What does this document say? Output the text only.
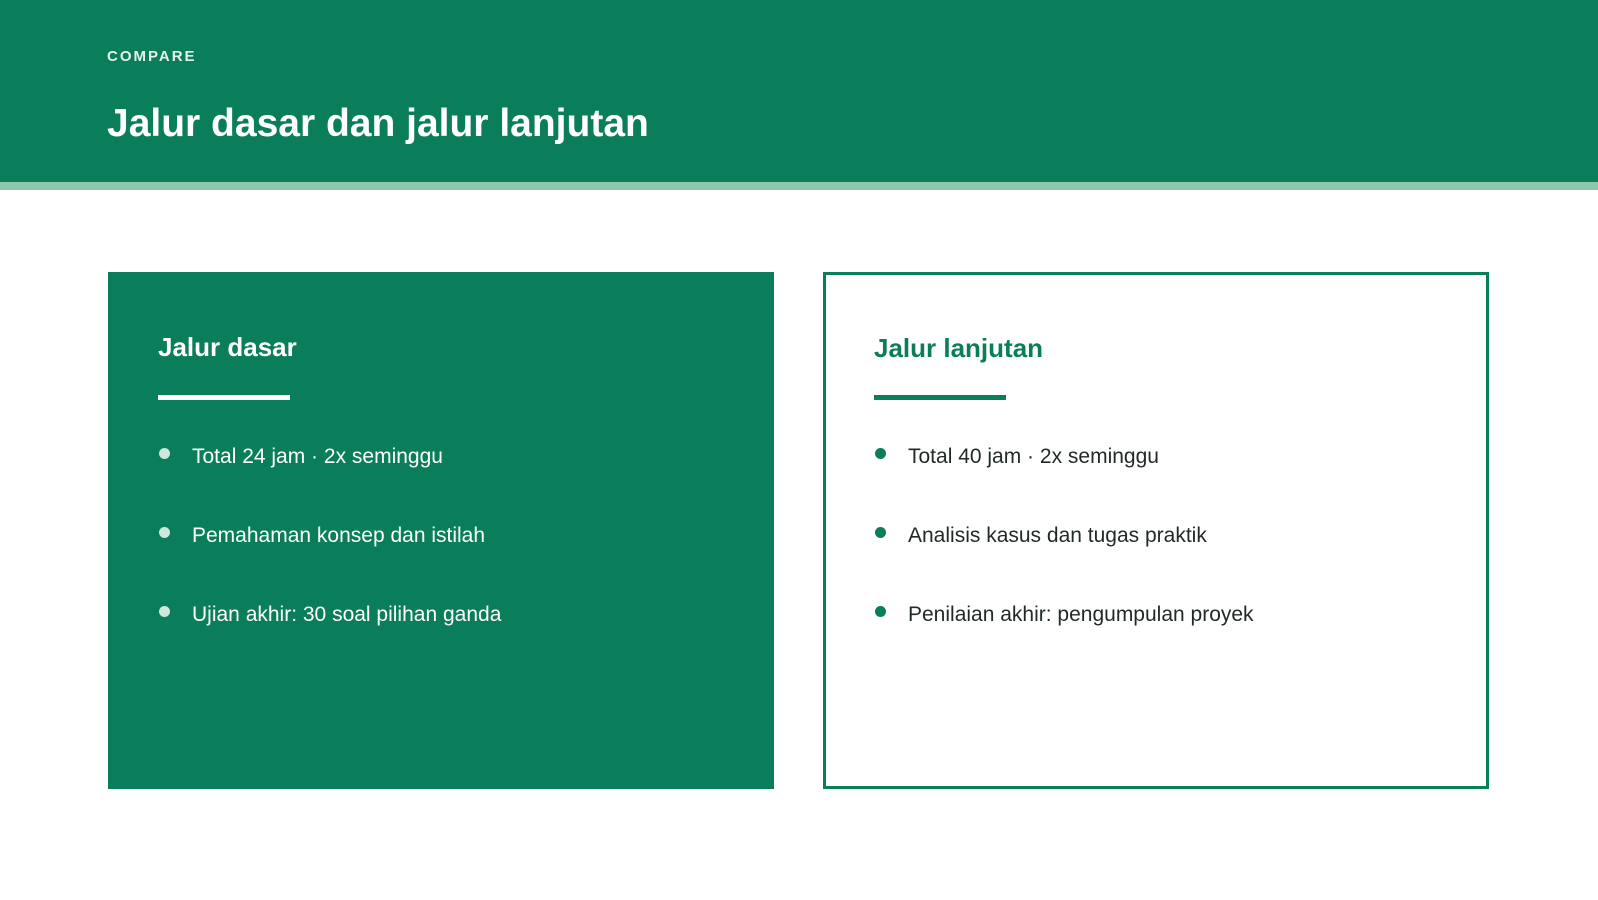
COMPARE
Jalur dasar dan jalur lanjutan
Jalur dasar
Total 24 jam · 2x seminggu
Pemahaman konsep dan istilah
Ujian akhir: 30 soal pilihan ganda
Jalur lanjutan
Total 40 jam · 2x seminggu
Analisis kasus dan tugas praktik
Penilaian akhir: pengumpulan proyek
